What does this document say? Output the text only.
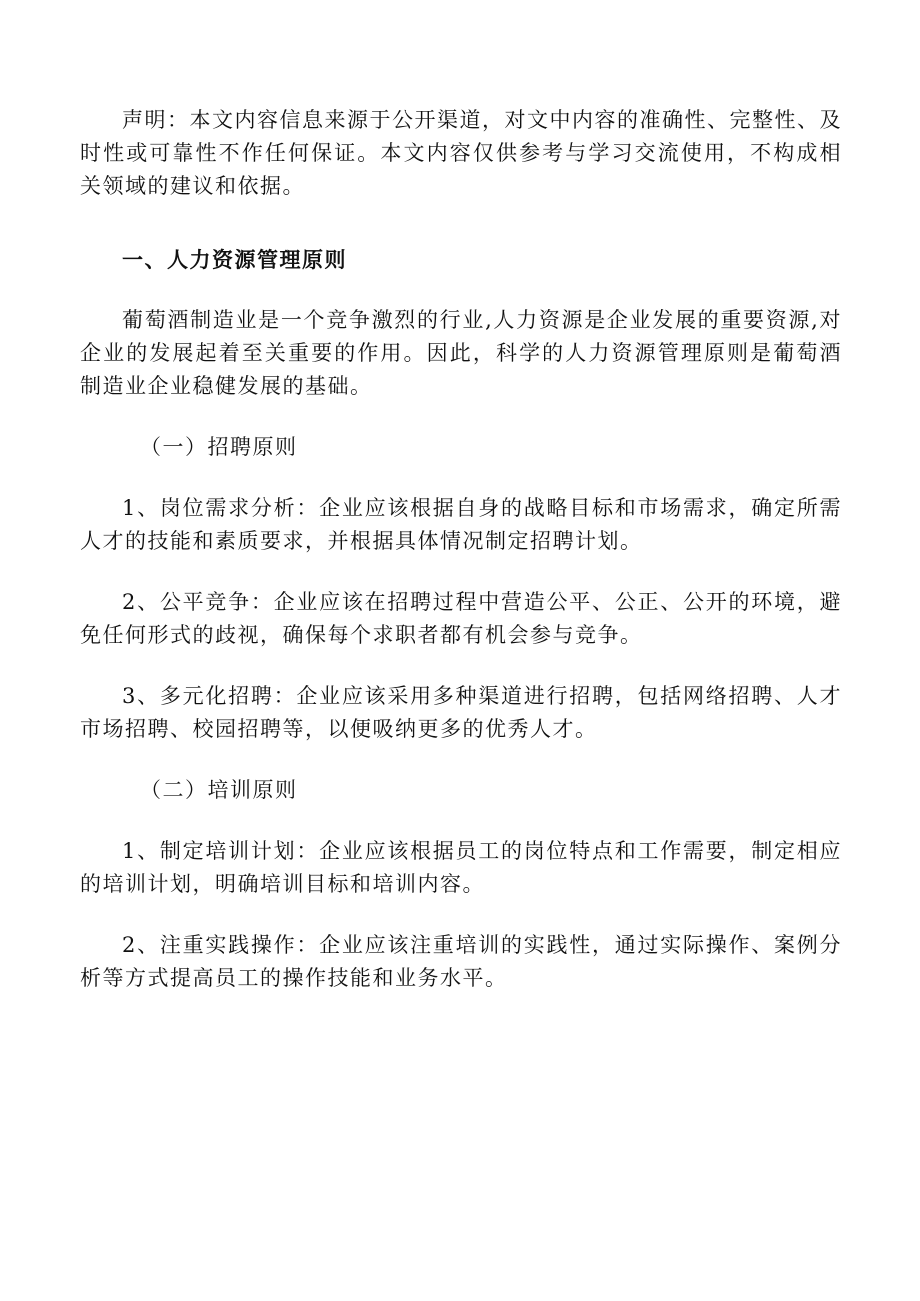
声明：本文内容信息来源于公开渠道，对文中内容的准确性、完整性、及时性或可靠性不作任何保证。本文内容仅供参考与学习交流使用，不构成相关领域的建议和依据。

一、人力资源管理原则

葡萄酒制造业是一个竞争激烈的行业,人力资源是企业发展的重要资源,对企业的发展起着至关重要的作用。因此，科学的人力资源管理原则是葡萄酒制造业企业稳健发展的基础。

（一）招聘原则

1、岗位需求分析：企业应该根据自身的战略目标和市场需求，确定所需人才的技能和素质要求，并根据具体情况制定招聘计划。

2、公平竞争：企业应该在招聘过程中营造公平、公正、公开的环境，避免任何形式的歧视，确保每个求职者都有机会参与竞争。

3、多元化招聘：企业应该采用多种渠道进行招聘，包括网络招聘、人才市场招聘、校园招聘等，以便吸纳更多的优秀人才。

（二）培训原则

1、制定培训计划：企业应该根据员工的岗位特点和工作需要，制定相应的培训计划，明确培训目标和培训内容。

2、注重实践操作：企业应该注重培训的实践性，通过实际操作、案例分析等方式提高员工的操作技能和业务水平。
